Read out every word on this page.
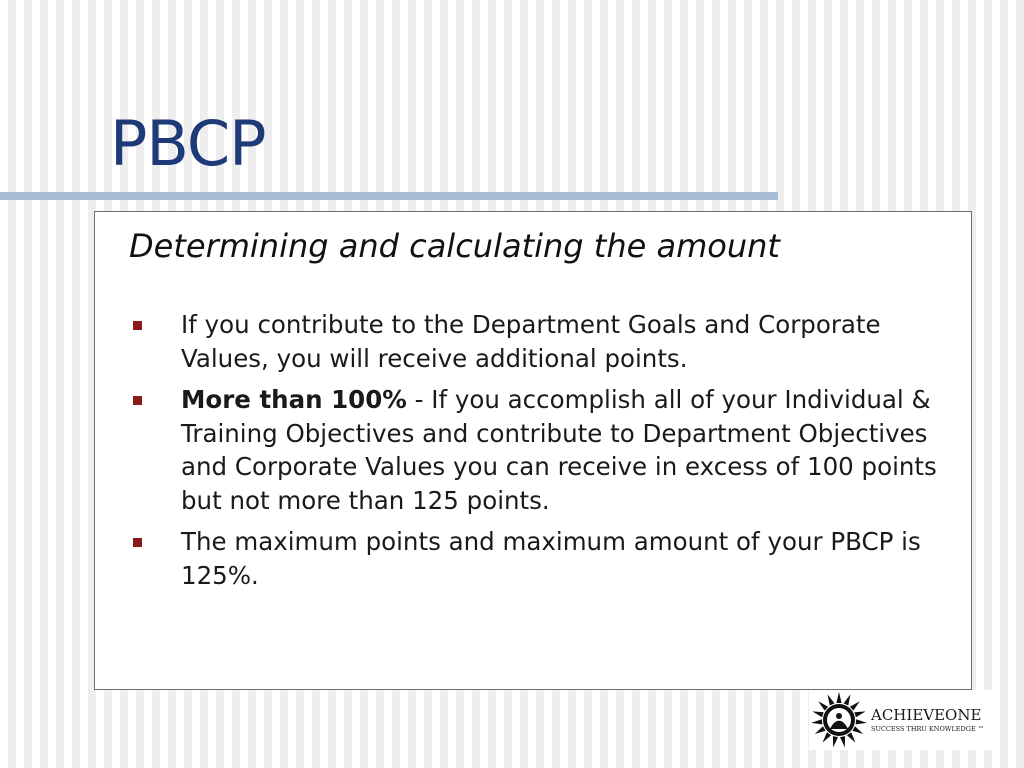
PBCP
Determining and calculating the amount
If you contribute to the Department Goals and Corporate Values, you will receive additional points.
More than 100% - If you accomplish all of your Individual & Training Objectives and contribute to Department Objectives and Corporate Values you can receive in excess of 100 points but not more than 125 points.
The maximum points and maximum amount of your PBCP is 125%.
ACHIEVEONE
SUCCESS THRU KNOWLEDGE ™
